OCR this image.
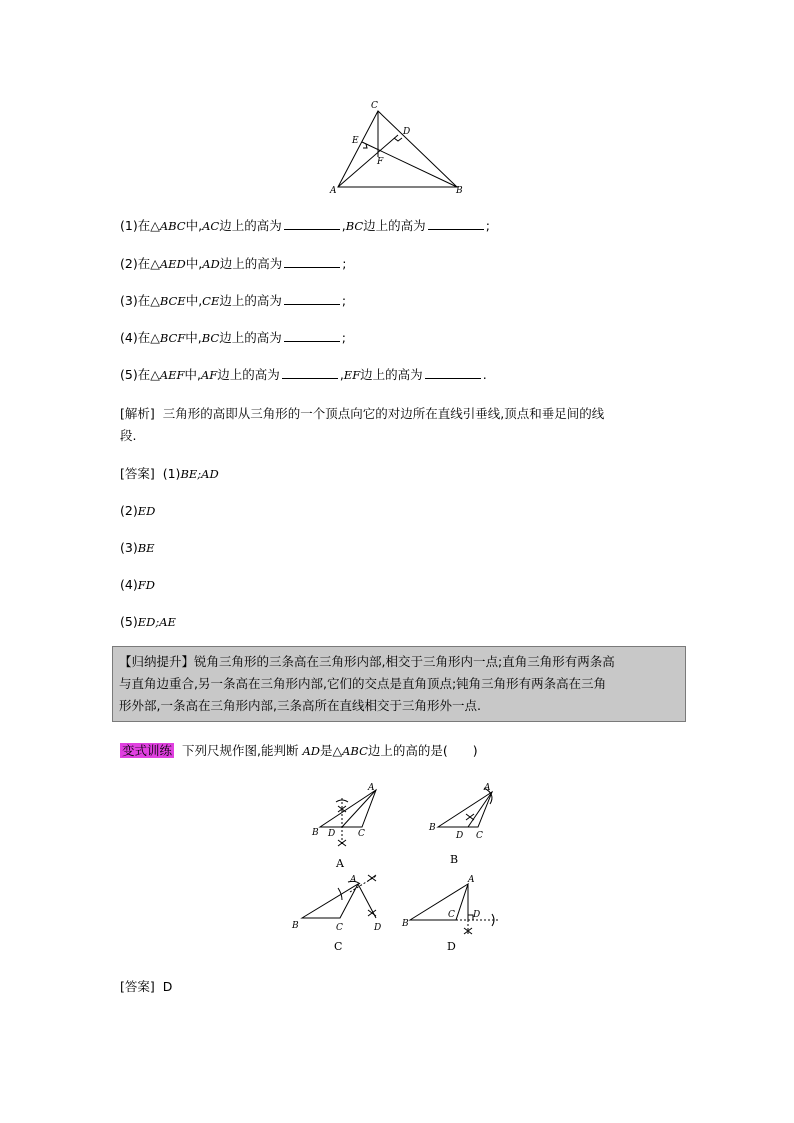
C
D
E
F
A	B
(1)在△ABC中,AC边上的高为	,BC边上的高为	;
(2)在△AED中,AD边上的高为	;
(3)在△BCE中,CE边上的高为	;
(4)在△BCF中,BC边上的高为	;
(5)在△AEF中,AF边上的高为	,EF边上的高为	.
[解析] 三角形的高即从三角形的一个顶点向它的对边所在直线引垂线,顶点和垂足间的线
段.
[答案] (1)BE;AD
(2)ED
(3)BE
(4)FD
(5)ED;AE
【归纳提升】锐角三角形的三条高在三角形内部,相交于三角形内一点;直角三角形有两条高
与直角边重合,另一条高在三角形内部,它们的交点是直角顶点;钝角三角形有两条高在三角
形外部,一条高在三角形内部,三条高所在直线相交于三角形外一点.
变式训练 下列尺规作图,能判断 AD是△ABC边上的高的是(　　)
A
B D	C
A
A
B
D C
B
A
B	C	D
C
A
B
C D
D
[答案] D
